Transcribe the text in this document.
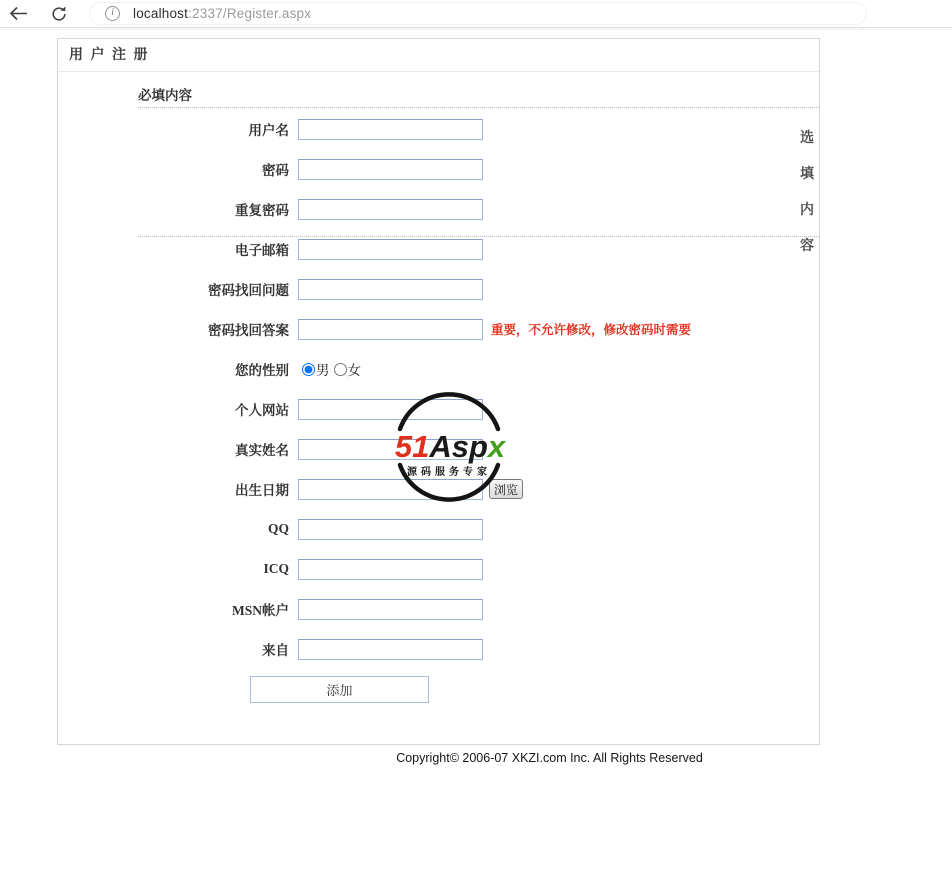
i	localhost:2337/Register.aspx
用 户 注 册
必填内容
选
填
内
容
用户名
密码
重复密码
电子邮箱
密码找回问题
密码找回答案	重要，不允许修改，修改密码时需要
您的性别 男 女
个人网站
真实姓名
出生日期	浏览
QQ
ICQ
MSN帐户
来自
添加
51Aspx
源码服务专家
Copyright© 2006-07 XKZI.com Inc. All Rights Reserved
